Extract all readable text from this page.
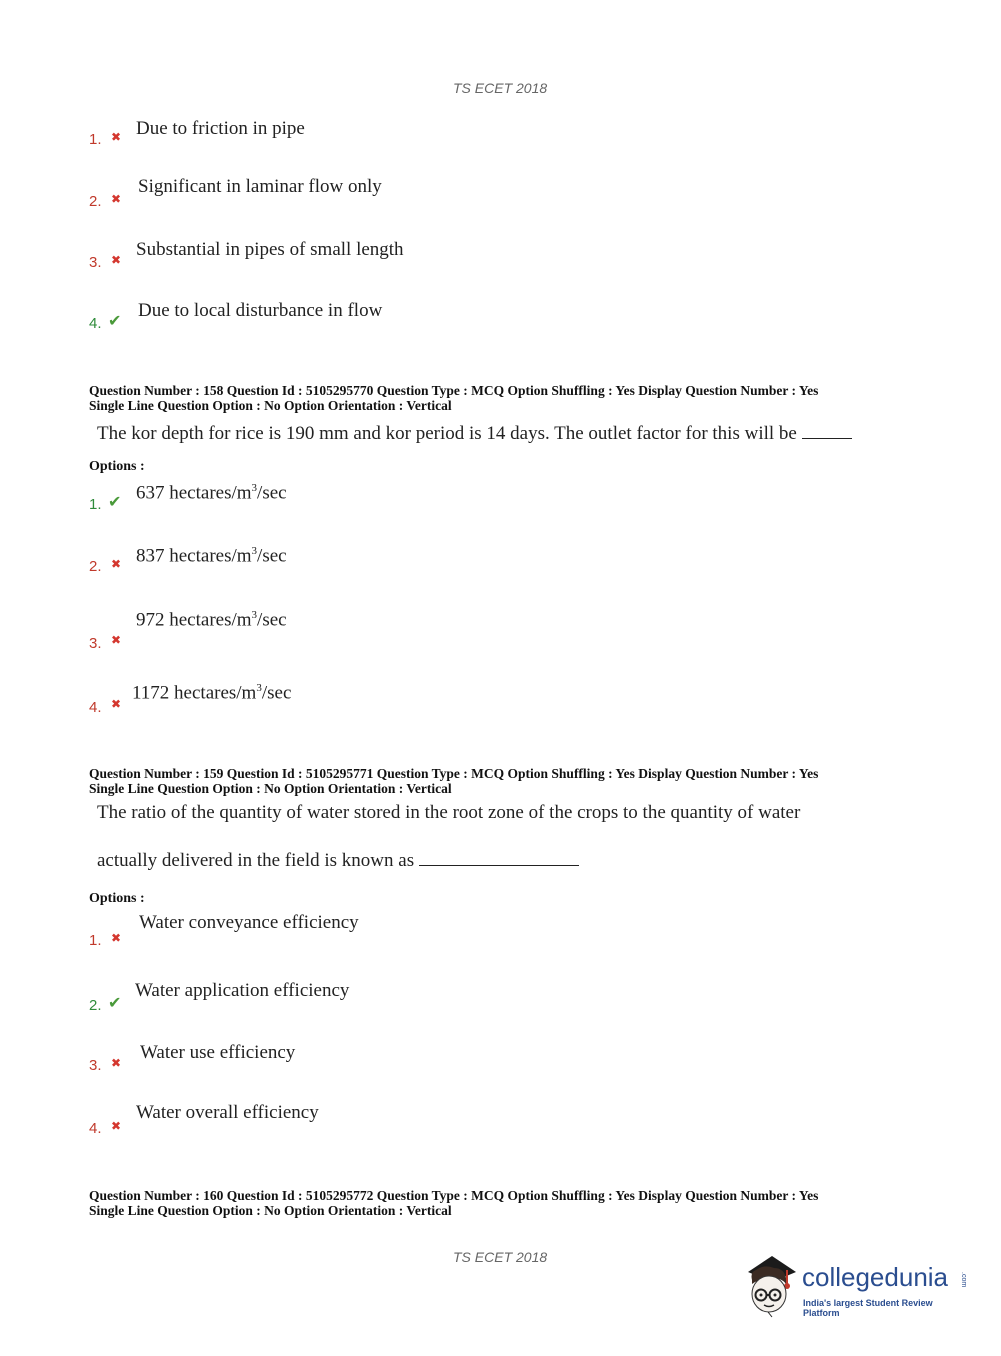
TS ECET 2018
1. ✖ Due to friction in pipe
2. ✖
Significant in laminar flow only
3. ✖ Substantial in pipes of small length
4. ✔ Due to local disturbance in flow
Question Number : 158 Question Id : 5105295770 Question Type : MCQ Option Shuffling : Yes Display Question Number : Yes
Single Line Question Option : No Option Orientation : Vertical
The kor depth for rice is 190 mm and kor period is 14 days. The outlet factor for this will be
Options :
1. ✔ 637 hectares/$m^3/\sec$
2. ✖ 837 hectares/$m^3/\sec$
3. ✖
972 hectares/$m^3/\sec$
4. ✖
1172 hectares/$m^3/\sec$
Question Number : 159 Question Id : 5105295771 Question Type : MCQ Option Shuffling : Yes Display Question Number : Yes
Single Line Question Option : No Option Orientation : Vertical
The ratio of the quantity of water stored in the root zone of the crops to the quantity of water
actually delivered in the field is known as
Options :
1. ✖
Water conveyance efficiency
2. ✔
Water application efficiency
3. ✖ Water use efficiency
4. ✖
Water overall efficiency
Question Number : 160 Question Id : 5105295772 Question Type : MCQ Option Shuffling : Yes Display Question Number : Yes
Single Line Question Option : No Option Orientation : Vertical
TS ECET 2018
collegedunia .com
India's largest Student Review Platform
